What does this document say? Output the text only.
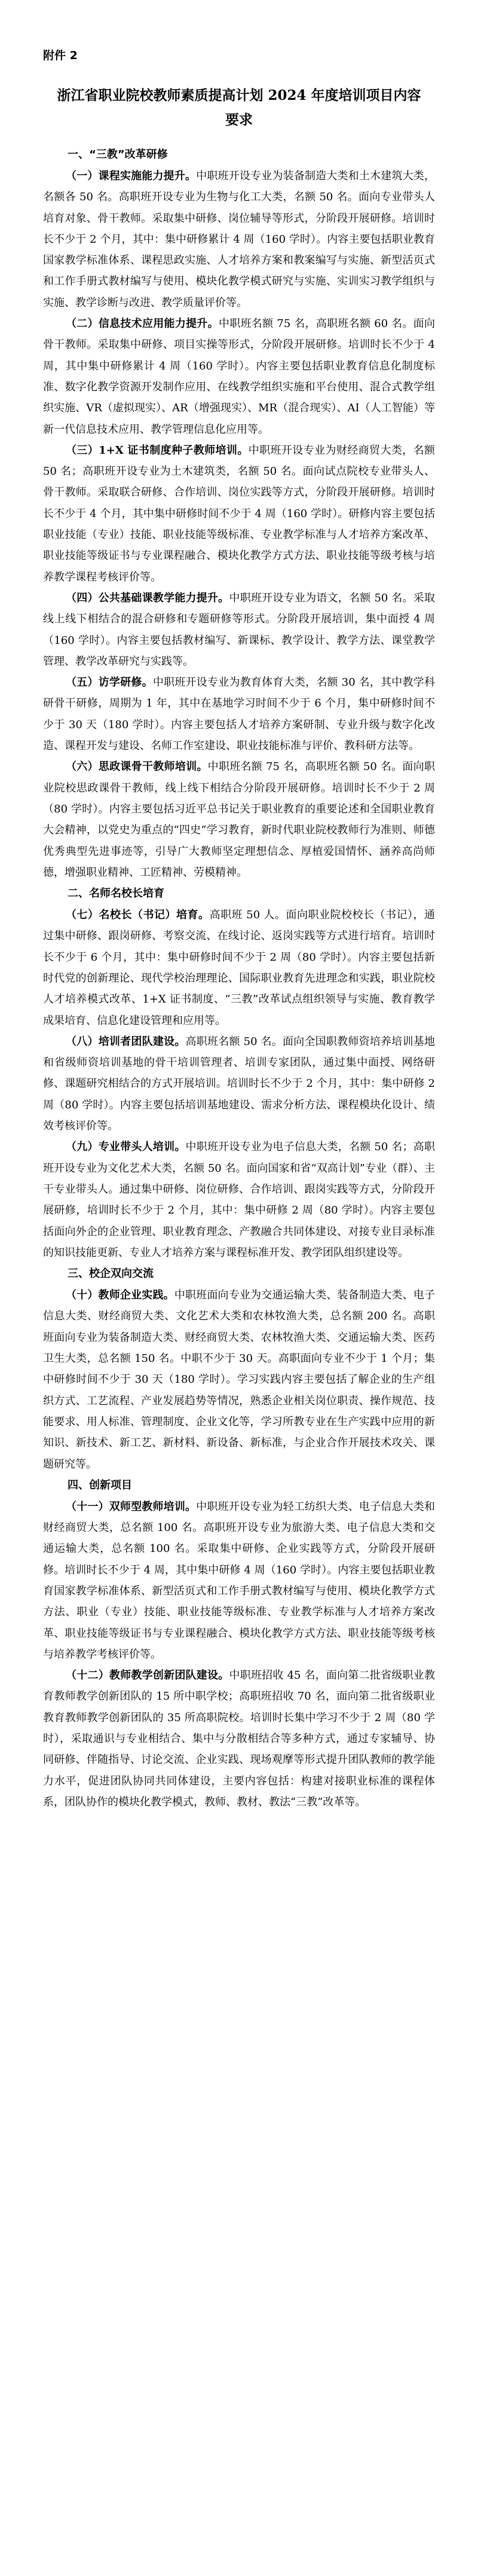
附件 2
浙江省职业院校教师素质提高计划 2024 年度培训项目内容要求
一、“三教”改革研修

（一）课程实施能力提升。中职班开设专业为装备制造大类和土木建筑大类，名额各 50 名。高职班开设专业为生物与化工大类，名额 50 名。面向专业带头人培育对象、骨干教师。采取集中研修、岗位辅导等形式，分阶段开展研修。培训时长不少于 2 个月，其中：集中研修累计 4 周（160 学时）。内容主要包括职业教育国家教学标准体系、课程思政实施、人才培养方案和教案编写与实施、新型活页式和工作手册式教材编写与使用、模块化教学模式研究与实施、实训实习教学组织与实施、教学诊断与改进、教学质量评价等。

（二）信息技术应用能力提升。中职班名额 75 名，高职班名额 60 名。面向骨干教师。采取集中研修、项目实操等形式，分阶段开展研修。培训时长不少于 4 周，其中集中研修累计 4 周（160 学时）。内容主要包括职业教育信息化制度标准、数字化教学资源开发制作应用、在线教学组织实施和平台使用、混合式教学组织实施、VR（虚拟现实）、AR（增强现实）、MR（混合现实）、AI（人工智能）等新一代信息技术应用、教学管理信息化应用等。

（三）1+X 证书制度种子教师培训。中职班开设专业为财经商贸大类，名额 50 名；高职班开设专业为土木建筑类，名额 50 名。面向试点院校专业带头人、骨干教师。采取联合研修、合作培训、岗位实践等方式，分阶段开展研修。培训时长不少于 4 个月，其中集中研修时间不少于 4 周（160 学时）。研修内容主要包括职业技能（专业）技能、职业技能等级标准、专业教学标准与人才培养方案改革、职业技能等级证书与专业课程融合、模块化教学方式方法、职业技能等级考核与培养教学课程考核评价等。

（四）公共基础课教学能力提升。中职班开设专业为语文，名额 50 名。采取线上线下相结合的混合研修和专题研修等形式。分阶段开展培训，集中面授 4 周（160 学时）。内容主要包括教材编写、新课标、教学设计、教学方法、课堂教学管理、教学改革研究与实践等。

（五）访学研修。中职班开设专业为教育体育大类，名额 30 名，其中教学科研骨干研修，周期为 1 年，其中在基地学习时间不少于 6 个月，集中研修时间不少于 30 天（180 学时）。内容主要包括人才培养方案研制、专业升级与数字化改造、课程开发与建设、名师工作室建设、职业技能标准与评价、教科研方法等。

（六）思政课骨干教师培训。中职班名额 75 名，高职班名额 50 名。面向职业院校思政课骨干教师，线上线下相结合分阶段开展研修。培训时长不少于 2 周（80 学时）。内容主要包括习近平总书记关于职业教育的重要论述和全国职业教育大会精神，以党史为重点的“四史”学习教育，新时代职业院校教师行为准则、师德优秀典型先进事迹等，引导广大教师坚定理想信念、厚植爱国情怀、涵养高尚师德，增强职业精神、工匠精神、劳模精神。

二、名师名校长培育

（七）名校长（书记）培育。高职班 50 人。面向职业院校校长（书记），通过集中研修、跟岗研修、考察交流、在线讨论、返岗实践等方式进行培育。培训时长不少于 6 个月，其中：集中研修时间不少于 2 周（80 学时）。内容主要包括新时代党的创新理论、现代学校治理理论、国际职业教育先进理念和实践，职业院校人才培养模式改革、1+X 证书制度、“三教”改革试点组织领导与实施、教育教学成果培育、信息化建设管理和应用等。

（八）培训者团队建设。高职班名额 50 名。面向全国职教师资培养培训基地和省级师资培训基地的骨干培训管理者、培训专家团队，通过集中面授、网络研修、课题研究相结合的方式开展培训。培训时长不少于 2 个月，其中：集中研修 2 周（80 学时）。内容主要包括培训基地建设、需求分析方法、课程模块化设计、绩效考核评价等。

（九）专业带头人培训。中职班开设专业为电子信息大类，名额 50 名；高职班开设专业为文化艺术大类，名额 50 名。面向国家和省“双高计划”专业（群）、主干专业带头人。通过集中研修、岗位研修、合作培训、跟岗实践等方式，分阶段开展研修，培训时长不少于 2 个月，其中：集中研修 2 周（80 学时）。内容主要包括面向外企的企业管理、职业教育理念、产教融合共同体建设、对接专业目录标准的知识技能更新、专业人才培养方案与课程标准开发、教学团队组织建设等。

三、校企双向交流

（十）教师企业实践。中职班面向专业为交通运输大类、装备制造大类、电子信息大类、财经商贸大类、文化艺术大类和农林牧渔大类，总名额 200 名。高职班面向专业为装备制造大类、财经商贸大类、农林牧渔大类、交通运输大类、医药卫生大类，总名额 150 名。中职不少于 30 天。高职面向专业不少于 1 个月；集中研修时间不少于 30 天（180 学时）。学习实践内容主要包括了解企业的生产组织方式、工艺流程、产业发展趋势等情况，熟悉企业相关岗位职责、操作规范、技能要求、用人标准、管理制度、企业文化等，学习所教专业在生产实践中应用的新知识、新技术、新工艺、新材料、新设备、新标准，与企业合作开展技术攻关、课题研究等。

四、创新项目

（十一）双师型教师培训。中职班开设专业为轻工纺织大类、电子信息大类和财经商贸大类，总名额 100 名。高职班开设专业为旅游大类、电子信息大类和交通运输大类，总名额 100 名。采取集中研修、企业实践等方式，分阶段开展研修。培训时长不少于 4 周，其中集中研修 4 周（160 学时）。内容主要包括职业教育国家教学标准体系、新型活页式和工作手册式教材编写与使用、模块化教学方式方法、职业（专业）技能、职业技能等级标准、专业教学标准与人才培养方案改革、职业技能等级证书与专业课程融合、模块化教学方式方法、职业技能等级考核与培养教学考核评价等。

（十二）教师教学创新团队建设。中职班招收 45 名，面向第二批省级职业教育教师教学创新团队的 15 所中职学校；高职班招收 70 名，面向第二批省级职业教育教师教学创新团队的 35 所高职院校。培训时长集中学习不少于 2 周（80 学时），采取通识与专业相结合、集中与分散相结合等多种方式，通过专家辅导、协同研修、伴随指导、讨论交流、企业实践、现场观摩等形式提升团队教师的教学能力水平，促进团队协同共同体建设，主要内容包括：构建对接职业标准的课程体系，团队协作的模块化教学模式，教师、教材、教法“三教”改革等。
